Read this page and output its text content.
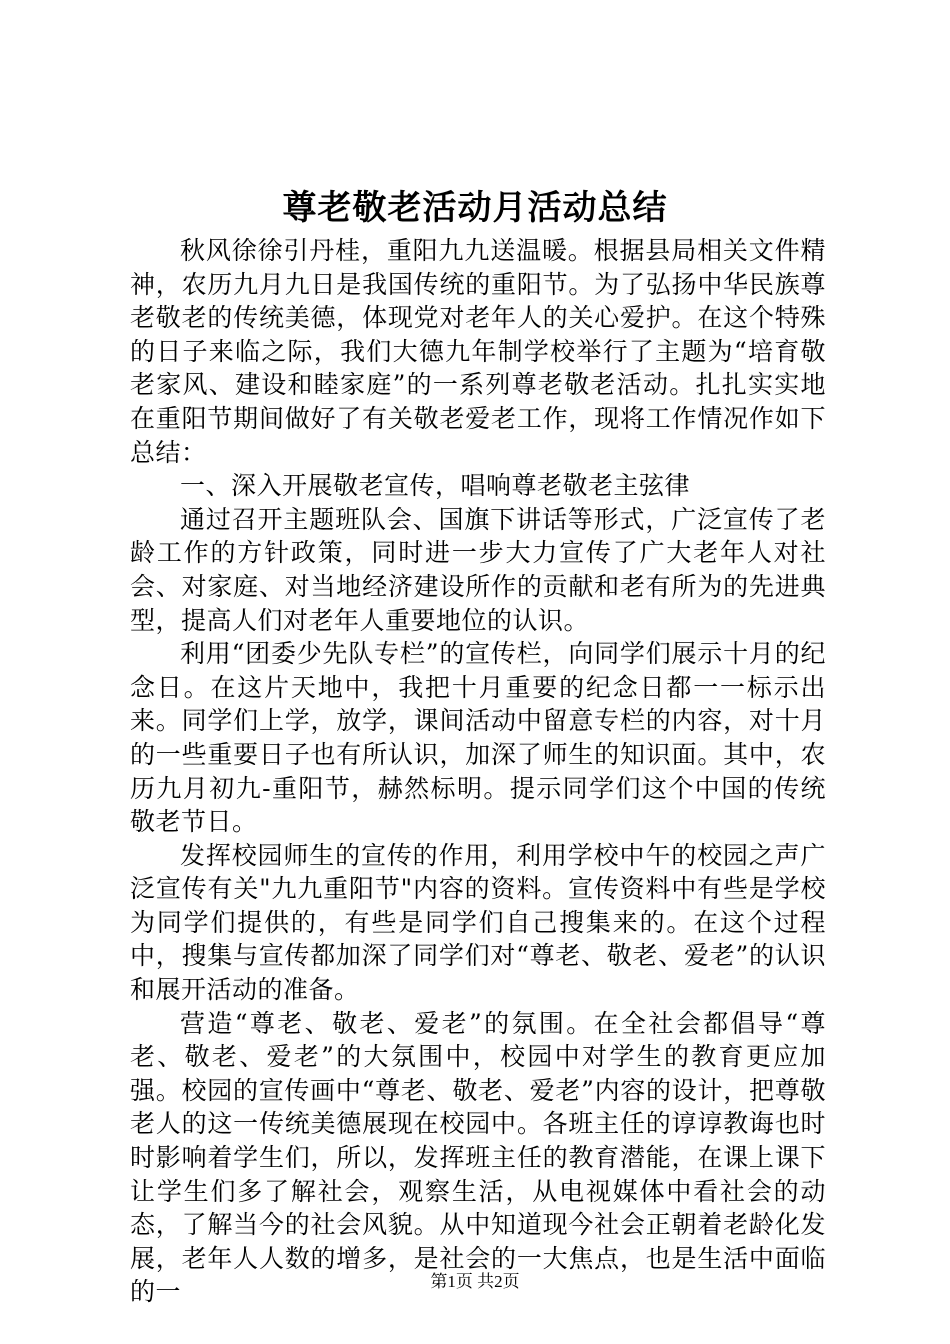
尊老敬老活动月活动总结

秋风徐徐引丹桂，重阳九九送温暖。根据县局相关文件精神，农历九月九日是我国传统的重阳节。为了弘扬中华民族尊老敬老的传统美德，体现党对老年人的关心爱护。在这个特殊的日子来临之际，我们大德九年制学校举行了主题为“培育敬老家风、建设和睦家庭”的一系列尊老敬老活动。扎扎实实地在重阳节期间做好了有关敬老爱老工作，现将工作情况作如下总结：

一、深入开展敬老宣传，唱响尊老敬老主弦律

通过召开主题班队会、国旗下讲话等形式，广泛宣传了老龄工作的方针政策，同时进一步大力宣传了广大老年人对社会、对家庭、对当地经济建设所作的贡献和老有所为的先进典型，提高人们对老年人重要地位的认识。

利用“团委少先队专栏”的宣传栏，向同学们展示十月的纪念日。在这片天地中，我把十月重要的纪念日都一一标示出来。同学们上学，放学，课间活动中留意专栏的内容，对十月的一些重要日子也有所认识，加深了师生的知识面。其中，农历九月初九-重阳节，赫然标明。提示同学们这个中国的传统敬老节日。

发挥校园师生的宣传的作用，利用学校中午的校园之声广泛宣传有关"九九重阳节"内容的资料。宣传资料中有些是学校为同学们提供的，有些是同学们自己搜集来的。在这个过程中，搜集与宣传都加深了同学们对“尊老、敬老、爱老”的认识和展开活动的准备。

营造“尊老、敬老、爱老”的氛围。在全社会都倡导“尊老、敬老、爱老”的大氛围中，校园中对学生的教育更应加强。校园的宣传画中“尊老、敬老、爱老”内容的设计，把尊敬老人的这一传统美德展现在校园中。各班主任的谆谆教诲也时时影响着学生们，所以，发挥班主任的教育潜能，在课上课下让学生们多了解社会，观察生活，从电视媒体中看社会的动态，了解当今的社会风貌。从中知道现今社会正朝着老龄化发展，老年人人数的增多，是社会的一大焦点，也是生活中面临的一	第1页 共2页
